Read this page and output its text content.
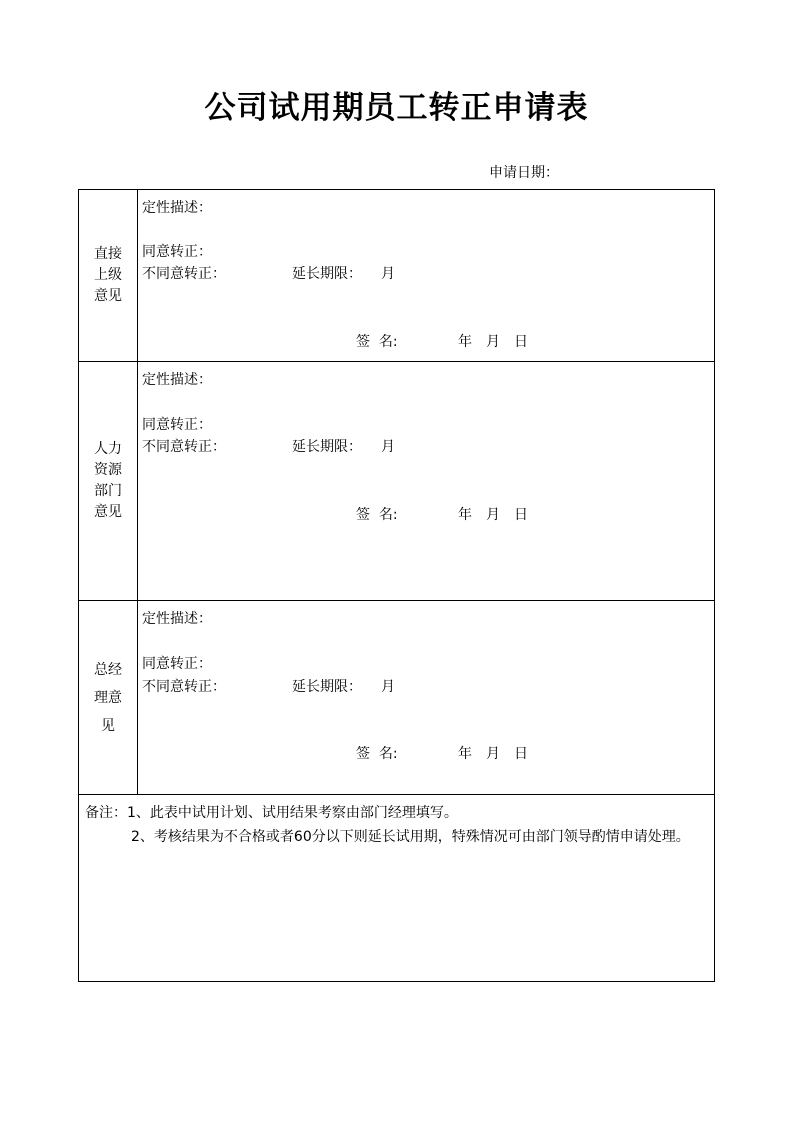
公司试用期员工转正申请表
申请日期：
直接上级意见
定性描述：
同意转正：
不同意转正：	延长期限： 月
签  名:	年 月 日
人力资源部门意见
定性描述：
同意转正：
不同意转正：	延长期限： 月
签  名:	年 月 日
总经理意见
定性描述：
同意转正：
不同意转正：	延长期限： 月
签  名:	年 月 日
备注：1、此表中试用计划、试用结果考察由部门经理填写。
2、考核结果为不合格或者60分以下则延长试用期，特殊情况可由部门领导酌情申请处理。
